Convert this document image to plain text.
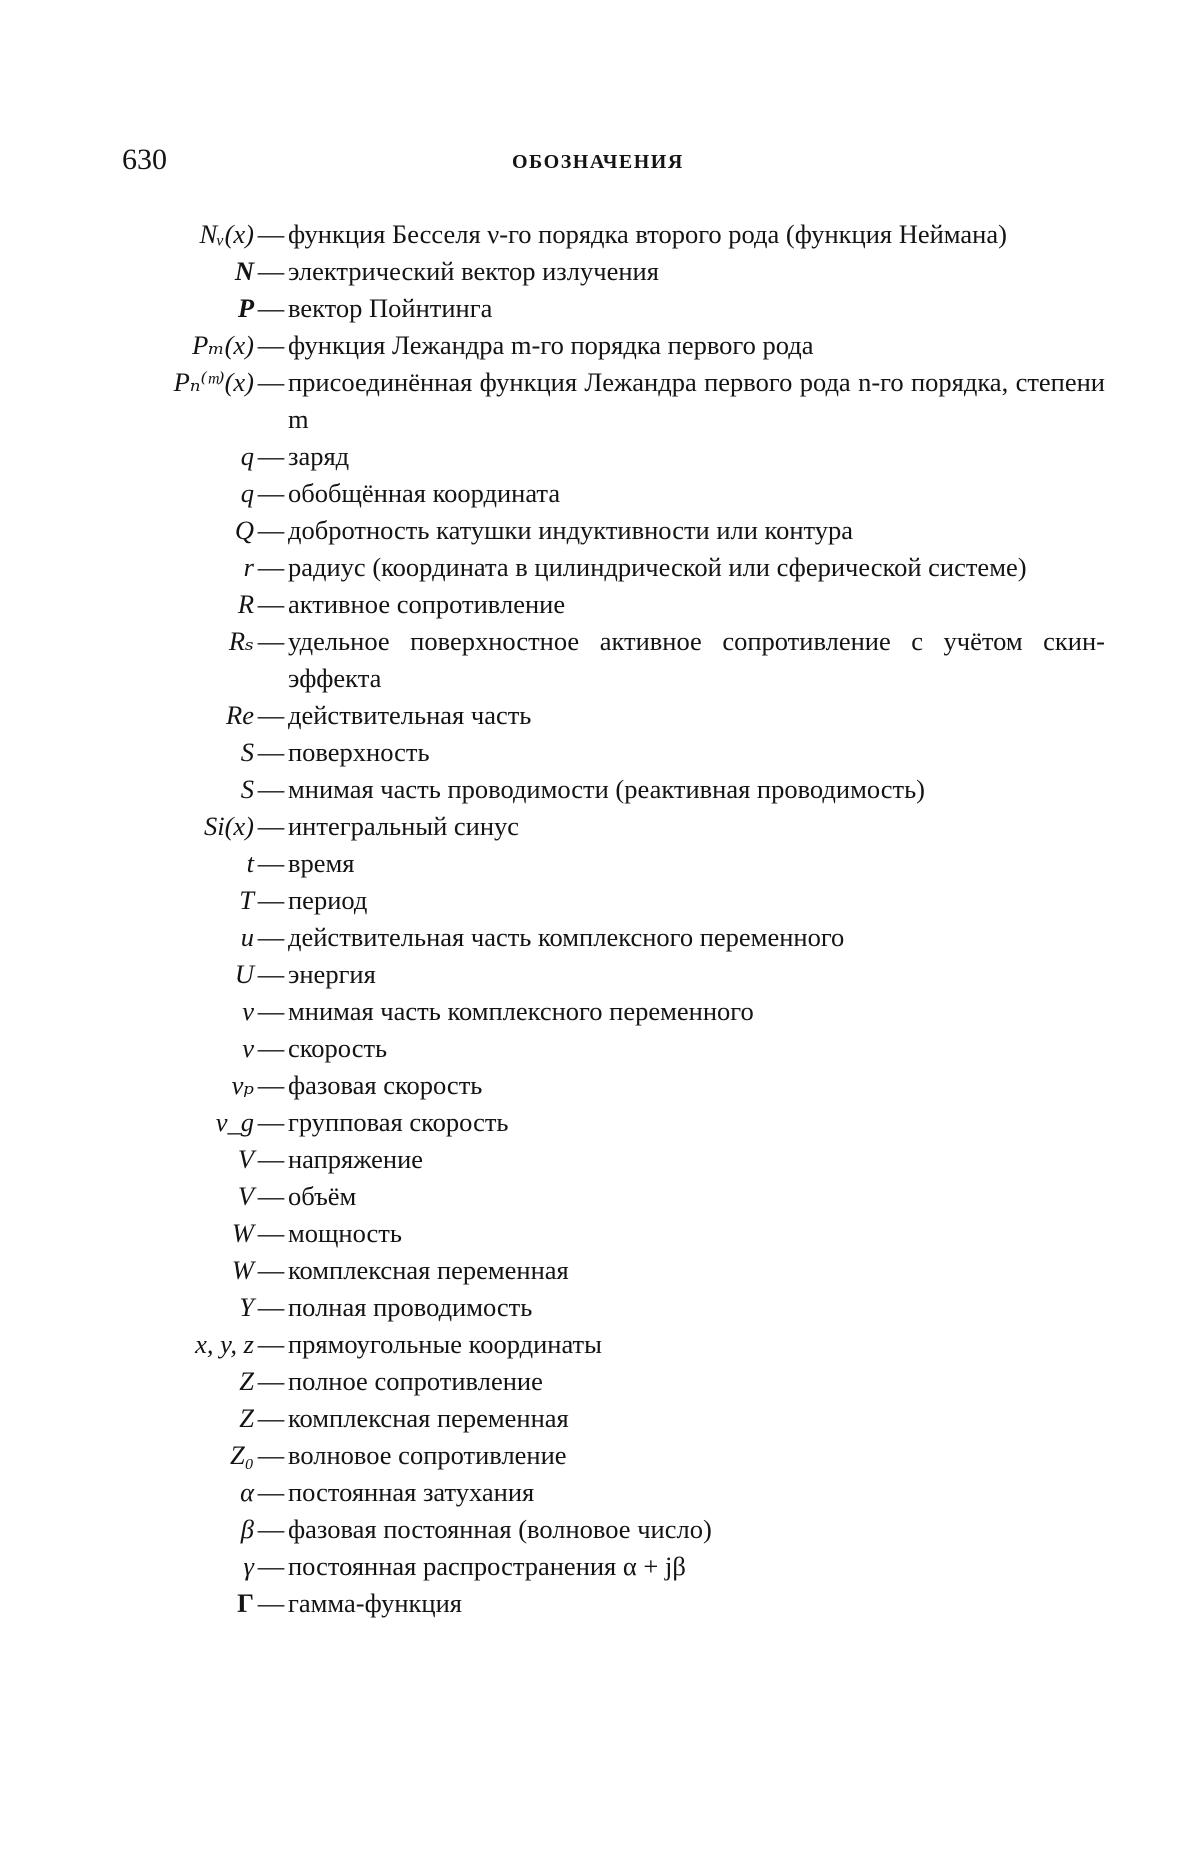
630	ОБОЗНАЧЕНИЯ
Nᵥ(x) — функция Бесселя ν-го порядка второго рода (функция Неймана)
N — электрический вектор излучения
P — вектор Пойнтинга
Pₘ(x) — функция Лежандра m-го порядка первого рода
Pₙ⁽ᵐ⁾(x) — присоединённая функция Лежандра первого рода n-го порядка, степени m
q — заряд
q — обобщённая координата
Q — добротность катушки индуктивности или контура
r — радиус (координата в цилиндрической или сферической системе)
R — активное сопротивление
Rₛ — удельное поверхностное активное сопротивление с учётом скин-эффекта
Re — действительная часть
S — поверхность
S — мнимая часть проводимости (реактивная проводимость)
Si(x) — интегральный синус
t — время
T — период
u — действительная часть комплексного переменного
U — энергия
v — мнимая часть комплексного переменного
v — скорость
vₚ — фазовая скорость
v_g — групповая скорость
V — напряжение
V — объём
W — мощность
W — комплексная переменная
Y — полная проводимость
x, y, z — прямоугольные координаты
Z — полное сопротивление
Z — комплексная переменная
Z₀ — волновое сопротивление
α — постоянная затухания
β — фазовая постоянная (волновое число)
γ — постоянная распространения α + jβ
Γ — гамма-функция
